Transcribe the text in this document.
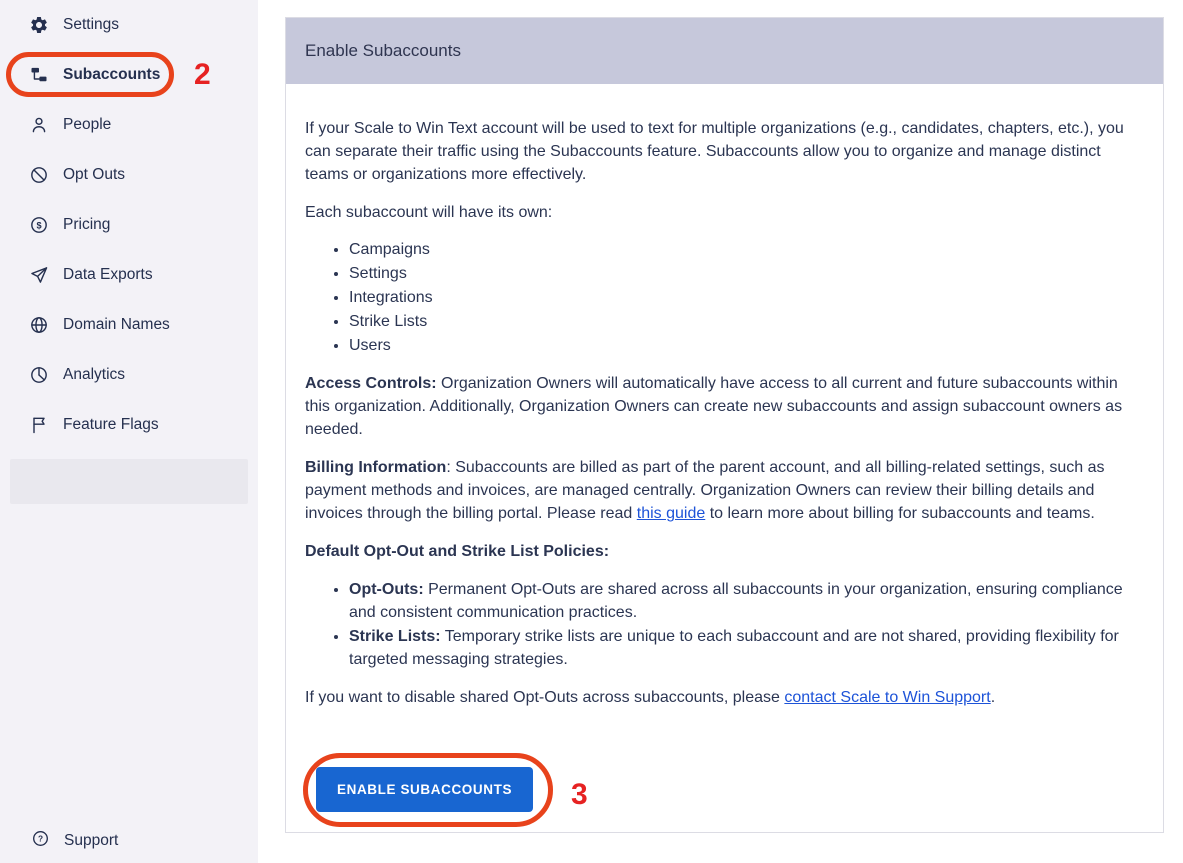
Settings
Subaccounts 2
People
Opt Outs
$ Pricing
Data Exports
Domain Names
Analytics
Feature Flags
? Support
Enable Subaccounts

If your Scale to Win Text account will be used to text for multiple organizations (e.g., candidates, chapters, etc.), you can separate their traffic using the Subaccounts feature. Subaccounts allow you to organize and manage distinct teams or organizations more effectively.

Each subaccount will have its own:

• Campaigns
• Settings
• Integrations
• Strike Lists
• Users

Access Controls: Organization Owners will automatically have access to all current and future subaccounts within this organization. Additionally, Organization Owners can create new subaccounts and assign subaccount owners as needed.

Billing Information: Subaccounts are billed as part of the parent account, and all billing-related settings, such as payment methods and invoices, are managed centrally. Organization Owners can review their billing details and invoices through the billing portal. Please read this guide to learn more about billing for subaccounts and teams.

Default Opt-Out and Strike List Policies:

• Opt-Outs: Permanent Opt-Outs are shared across all subaccounts in your organization, ensuring compliance and consistent communication practices.
• Strike Lists: Temporary strike lists are unique to each subaccount and are not shared, providing flexibility for targeted messaging strategies.

If you want to disable shared Opt-Outs across subaccounts, please contact Scale to Win Support.

ENABLE SUBACCOUNTS	3
